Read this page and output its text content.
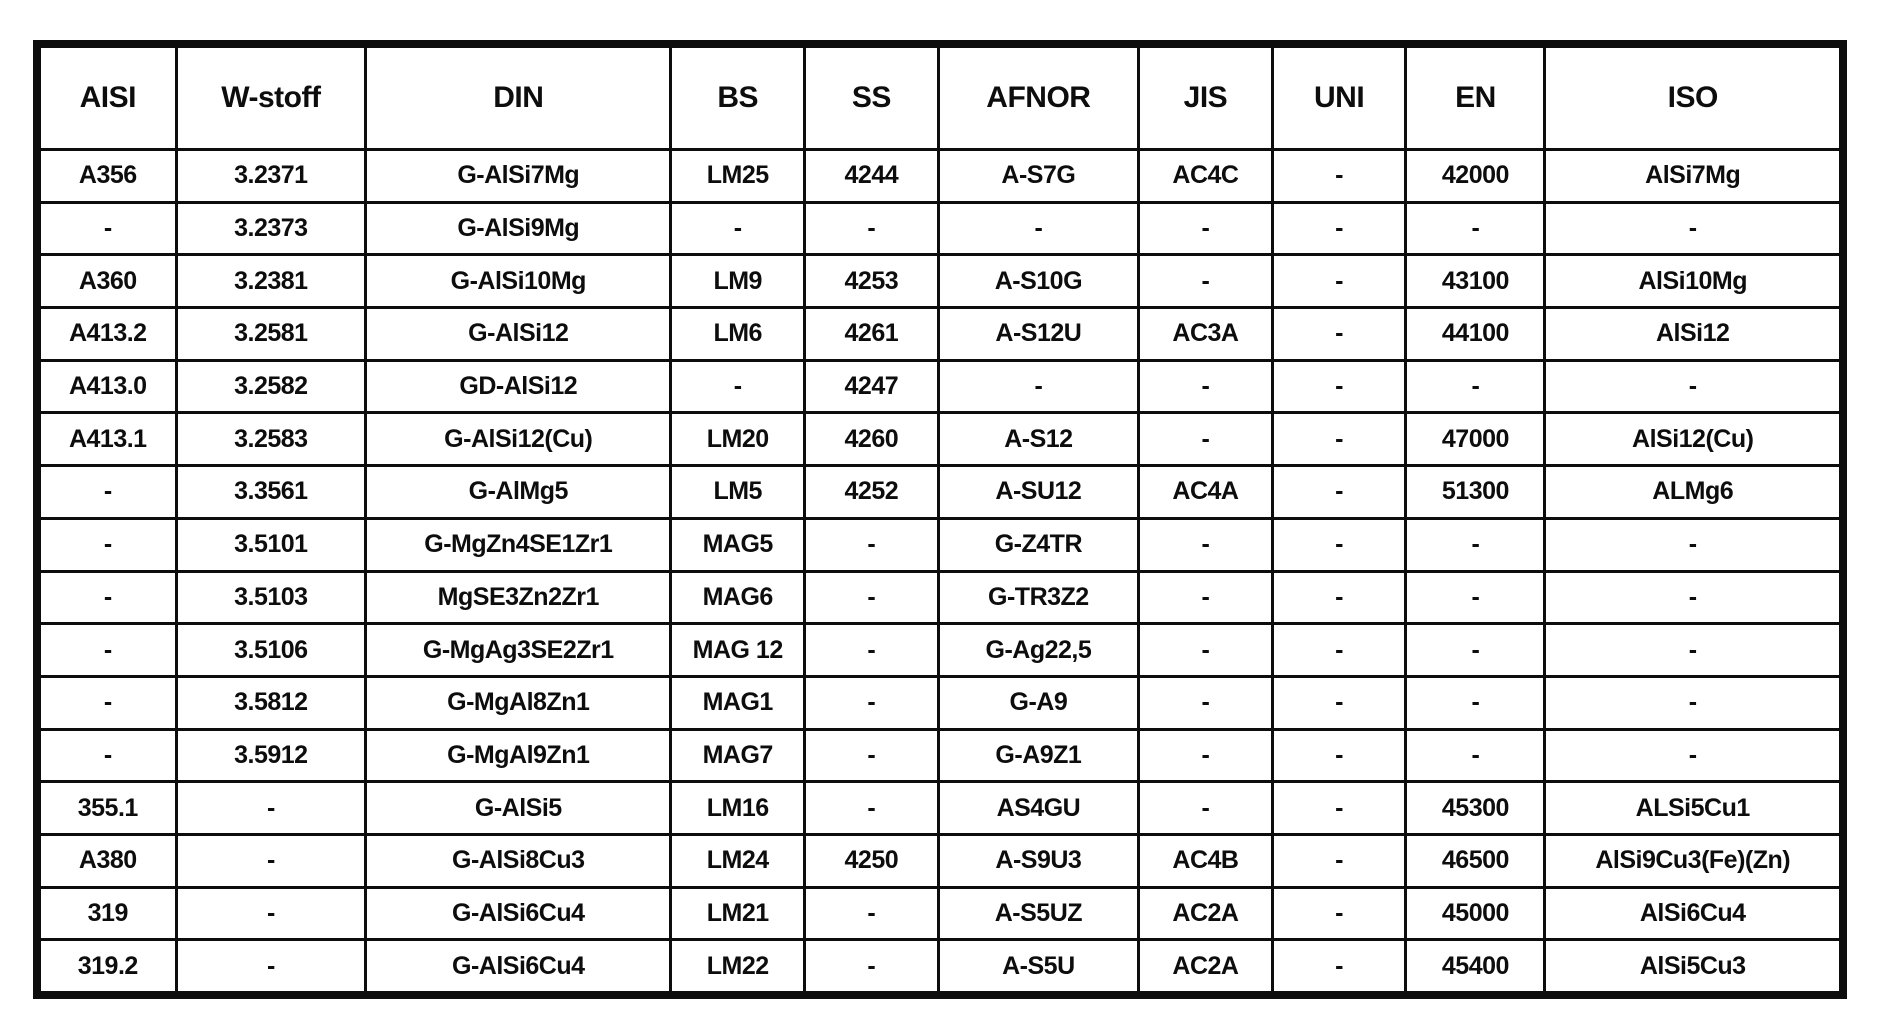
AISI	W-stoff	DIN	BS	SS	AFNOR	JIS	UNI	EN	ISO
A356	3.2371	G-AlSi7Mg	LM25	4244	A-S7G	AC4C	-	42000	AlSi7Mg
-	3.2373	G-AlSi9Mg	-	-	-	-	-	-	-
A360	3.2381	G-AlSi10Mg	LM9	4253	A-S10G	-	-	43100	AlSi10Mg
A413.2	3.2581	G-AlSi12	LM6	4261	A-S12U	AC3A	-	44100	AlSi12
A413.0	3.2582	GD-AlSi12	-	4247	-	-	-	-	-
A413.1	3.2583	G-AlSi12(Cu)	LM20	4260	A-S12	-	-	47000	AlSi12(Cu)
-	3.3561	G-AlMg5	LM5	4252	A-SU12	AC4A	-	51300	ALMg6
-	3.5101	G-MgZn4SE1Zr1	MAG5	-	G-Z4TR	-	-	-	-
-	3.5103	MgSE3Zn2Zr1	MAG6	-	G-TR3Z2	-	-	-	-
-	3.5106	G-MgAg3SE2Zr1	MAG 12	-	G-Ag22,5	-	-	-	-
-	3.5812	G-MgAl8Zn1	MAG1	-	G-A9	-	-	-	-
-	3.5912	G-MgAl9Zn1	MAG7	-	G-A9Z1	-	-	-	-
355.1	-	G-AlSi5	LM16	-	AS4GU	-	-	45300	ALSi5Cu1
A380	-	G-AlSi8Cu3	LM24	4250	A-S9U3	AC4B	-	46500	AlSi9Cu3(Fe)(Zn)
319	-	G-AlSi6Cu4	LM21	-	A-S5UZ	AC2A	-	45000	AlSi6Cu4
319.2	-	G-AlSi6Cu4	LM22	-	A-S5U	AC2A	-	45400	AlSi5Cu3
